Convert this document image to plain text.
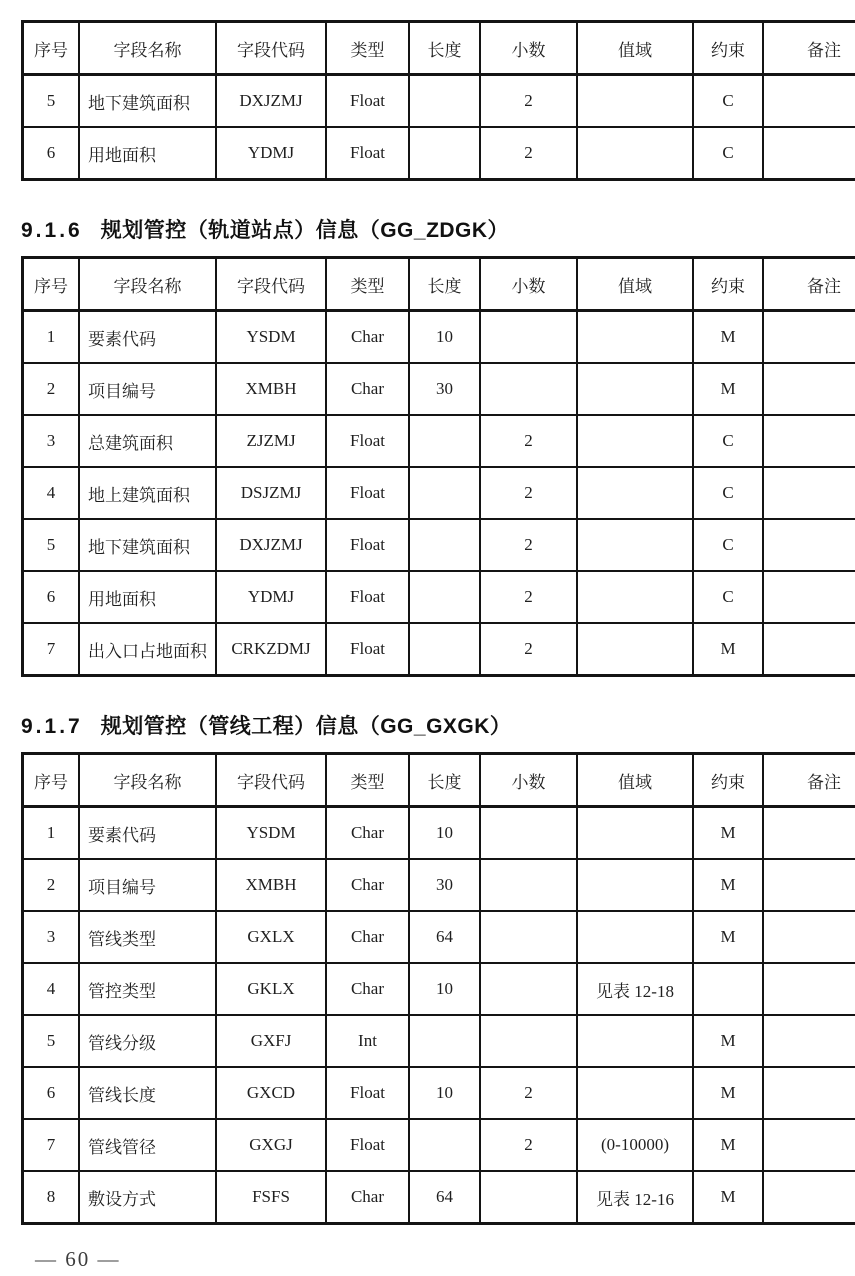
序号	字段名称	字段代码	类型	长度	小数	值域	约束	备注
5	地下建筑面积	DXJZMJ	Float		2		C	
6	用地面积	YDMJ	Float		2		C	
9.1.6 规划管控（轨道站点）信息（GG_ZDGK）
序号	字段名称	字段代码	类型	长度	小数	值域	约束	备注
1	要素代码	YSDM	Char	10			M	
2	项目编号	XMBH	Char	30			M	
3	总建筑面积	ZJZMJ	Float		2		C	
4	地上建筑面积	DSJZMJ	Float		2		C	
5	地下建筑面积	DXJZMJ	Float		2		C	
6	用地面积	YDMJ	Float		2		C	
7	出入口占地面积	CRKZDMJ	Float		2		M	
9.1.7 规划管控（管线工程）信息（GG_GXGK）
序号	字段名称	字段代码	类型	长度	小数	值域	约束	备注
1	要素代码	YSDM	Char	10			M	
2	项目编号	XMBH	Char	30			M	
3	管线类型	GXLX	Char	64			M	
4	管控类型	GKLX	Char	10		见表 12-18		
5	管线分级	GXFJ	Int				M	
6	管线长度	GXCD	Float	10	2		M	
7	管线管径	GXGJ	Float		2	(0-10000)	M	
8	敷设方式	FSFS	Char	64		见表 12-16	M	
— 60 —
